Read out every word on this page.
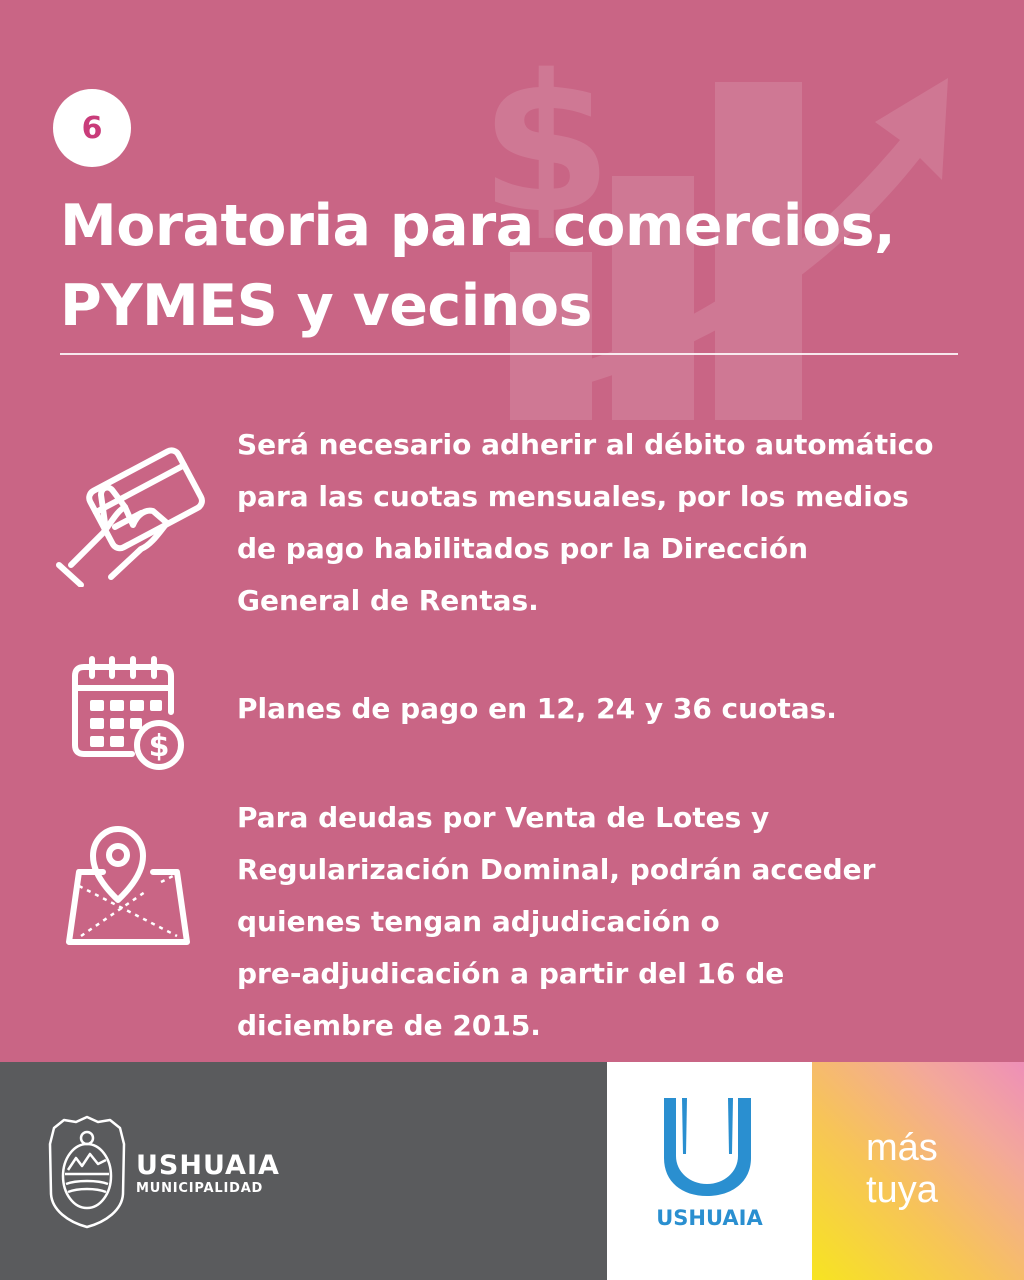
$
6
Moratoria para comercios,
PYMES y vecinos
Será necesario adherir al débito automático
para las cuotas mensuales, por los medios
de pago habilitados por la Dirección
General de Rentas.
$
Planes de pago en 12, 24 y 36 cuotas.
Para deudas por Venta de Lotes y
Regularización Dominal, podrán acceder
quienes tengan adjudicación o
pre-adjudicación a partir del 16 de
diciembre de 2015.
USHUAIA
MUNICIPALIDAD
USHUAIA
más
tuya
